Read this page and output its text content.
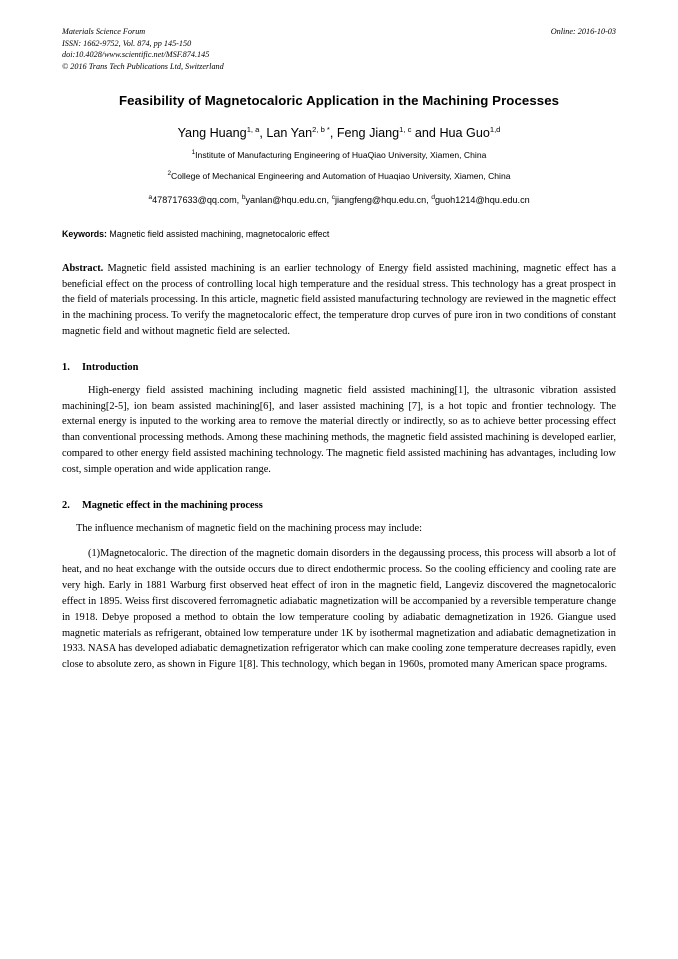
Materials Science Forum
ISSN: 1662-9752, Vol. 874, pp 145-150
doi:10.4028/www.scientific.net/MSF.874.145
© 2016 Trans Tech Publications Ltd, Switzerland
Online: 2016-10-03
Feasibility of Magnetocaloric Application in the Machining Processes
Yang Huang$^{1, a}$, Lan Yan$^{2, b *}$, Feng Jiang$^{1, c}$ and Hua Guo$^{1,d}$
$^1$Institute of Manufacturing Engineering of HuaQiao University, Xiamen, China
$^2$College of Mechanical Engineering and Automation of Huaqiao University, Xiamen, China
$^a$478717633@qq.com, $^b$yanlan@hqu.edu.cn, $^c$jiangfeng@hqu.edu.cn, $^d$guoh1214@hqu.edu.cn
Keywords: Magnetic field assisted machining, magnetocaloric effect
Abstract. Magnetic field assisted machining is an earlier technology of Energy field assisted machining, magnetic effect has a beneficial effect on the process of controlling local high temperature and the residual stress. This technology has a great prospect in the field of materials processing. In this article, magnetic field assisted manufacturing technology are reviewed in the magnetic effect in the machining process. To verify the magnetocaloric effect, the temperature drop curves of pure iron in two conditions of constant magnetic field and without magnetic field are selected.
1.	Introduction
High-energy field assisted machining including magnetic field assisted machining[1], the ultrasonic vibration assisted machining[2-5], ion beam assisted machining[6], and laser assisted machining [7], is a hot topic and frontier technology. The external energy is inputed to the working area to remove the material directly or indirectly, so as to achieve better processing effect than conventional processing methods. Among these machining methods, the magnetic field assisted machining is developed earlier, compared to other energy field assisted machining technology. The magnetic field assisted machining has advantages, including low cost, simple operation and wide application range.
2.	Magnetic effect in the machining process
The influence mechanism of magnetic field on the machining process may include:
(1)Magnetocaloric. The direction of the magnetic domain disorders in the degaussing process, this process will absorb a lot of heat, and no heat exchange with the outside occurs due to direct endothermic process. So the cooling efficiency and cooling rate are very high. Early in 1881 Warburg first observed heat effect of iron in the magnetic field, Langeviz discovered the magnetocaloric effect in 1895. Weiss first discovered ferromagnetic adiabatic magnetization will be accompanied by a reversible temperature change in 1918. Debye proposed a method to obtain the low temperature cooling by adiabatic demagnetization in 1926. Giangue used magnetic materials as refrigerant, obtained low temperature under 1K by isothermal magnetization and adiabatic demagnetization in 1933. NASA has developed adiabatic demagnetization refrigerator which can make cooling zone temperature decreases rapidly, even close to absolute zero, as shown in Figure 1[8]. This technology, which began in 1960s, promoted many American space programs.
